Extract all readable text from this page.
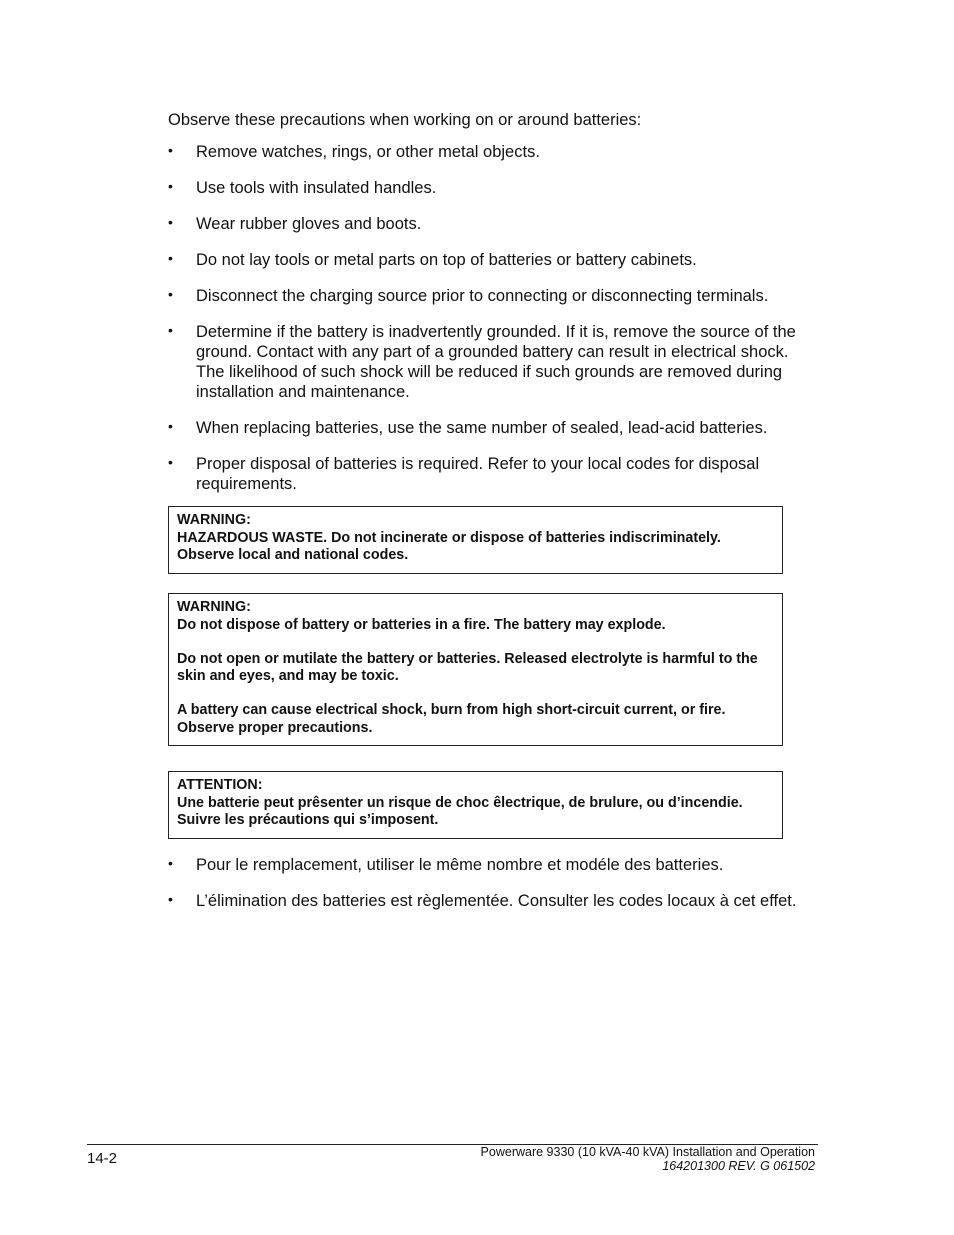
Observe these precautions when working on or around batteries:

• Remove watches, rings, or other metal objects.
• Use tools with insulated handles.
• Wear rubber gloves and boots.
• Do not lay tools or metal parts on top of batteries or battery cabinets.
• Disconnect the charging source prior to connecting or disconnecting terminals.
• Determine if the battery is inadvertently grounded. If it is, remove the source of the ground. Contact with any part of a grounded battery can result in electrical shock. The likelihood of such shock will be reduced if such grounds are removed during installation and maintenance.
• When replacing batteries, use the same number of sealed, lead-acid batteries.
• Proper disposal of batteries is required. Refer to your local codes for disposal requirements.

WARNING:

HAZARDOUS WASTE. Do not incinerate or dispose of batteries indiscriminately. Observe local and national codes.

WARNING:

Do not dispose of battery or batteries in a fire. The battery may explode.

Do not open or mutilate the battery or batteries. Released electrolyte is harmful to the skin and eyes, and may be toxic.

A battery can cause electrical shock, burn from high short-circuit current, or fire. Observe proper precautions.

ATTENTION:

Une batterie peut prêsenter un risque de choc êlectrique, de brulure, ou d’incendie. Suivre les précautions qui s’imposent.

• Pour le remplacement, utiliser le même nombre et modéle des batteries.
• L’élimination des batteries est règlementée. Consulter les codes locaux à cet effet.
14-2	Powerware 9330 (10 kVA-40 kVA) Installation and Operation
164201300 REV. G 061502
